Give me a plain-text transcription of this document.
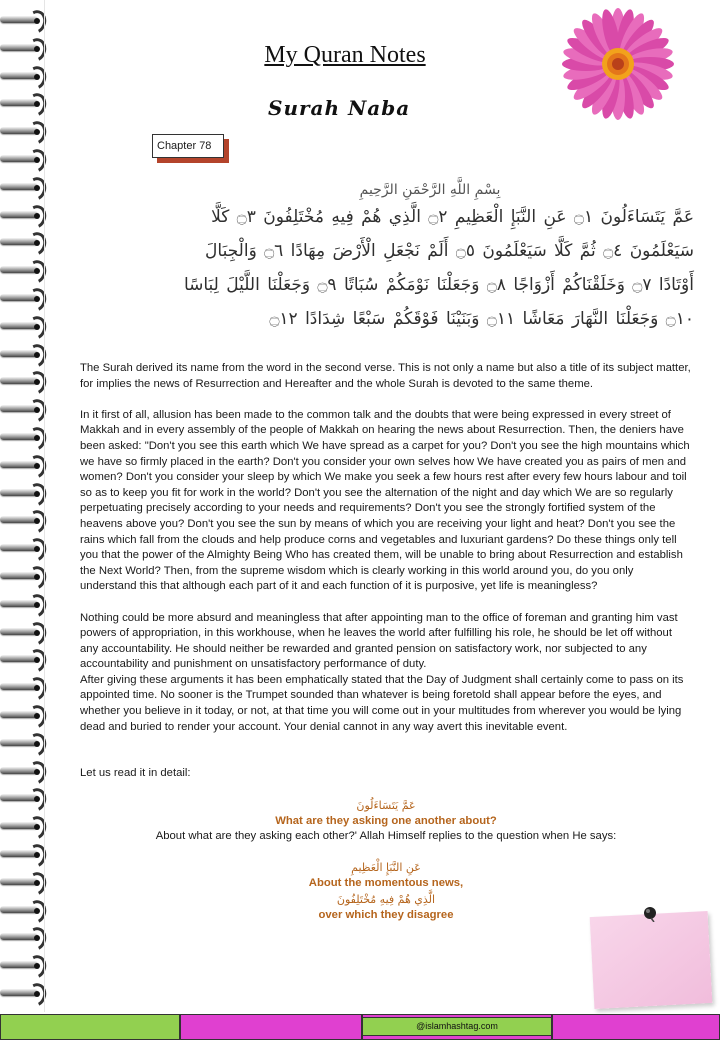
My Quran Notes
Surah Naba
Chapter 78
بِسْمِ اللَّهِ الرَّحْمَنِ الرَّحِيمِ
عَمَّ يَتَسَاءَلُونَ ۝١ عَنِ النَّبَإِ الْعَظِيمِ ۝٢ الَّذِي هُمْ فِيهِ مُخْتَلِفُونَ ۝٣ كَلَّا سَيَعْلَمُونَ ۝٤ ثُمَّ كَلَّا سَيَعْلَمُونَ ۝٥ أَلَمْ نَجْعَلِ الْأَرْضَ مِهَادًا ۝٦ وَالْجِبَالَ أَوْتَادًا ۝٧ وَخَلَقْنَاكُمْ أَزْوَاجًا ۝٨ وَجَعَلْنَا نَوْمَكُمْ سُبَاتًا ۝٩ وَجَعَلْنَا اللَّيْلَ لِبَاسًا ۝١٠ وَجَعَلْنَا النَّهَارَ مَعَاشًا ۝١١ وَبَنَيْنَا فَوْقَكُمْ سَبْعًا شِدَادًا ۝١٢

The Surah derived its name from the word in the second verse. This is not only a name but also a title of its subject matter, for implies the news of Resurrection and Hereafter and the whole Surah is devoted to the same theme.

In it first of all, allusion has been made to the common talk and the doubts that were being expressed in every street of Makkah and in every assembly of the people of Makkah on hearing the news about Resurrection. Then, the deniers have been asked: "Don't you see this earth which We have spread as a carpet for you? Don't you see the high mountains which we have so firmly placed in the earth? Don't you consider your own selves how We have created you as pairs of men and women? Don't you consider your sleep by which We make you seek a few hours rest after every few hours labour and toil so as to keep you fit for work in the world? Don't you see the alternation of the night and day which We are so regularly perpetuating precisely according to your needs and requirements? Don't you see the strongly fortified system of the heavens above you? Don't you see the sun by means of which you are receiving your light and heat? Don't you see the rains which fall from the clouds and help produce corns and vegetables and luxuriant gardens? Do these things only tell you that the power of the Almighty Being Who has created them, will be unable to bring about Resurrection and establish the Next World? Then, from the supreme wisdom which is clearly working in this world around you, do you only understand this that although each part of it and each function of it is purposive, yet life is meaningless?

Nothing could be more absurd and meaningless that after appointing man to the office of foreman and granting him vast powers of appropriation, in this workhouse, when he leaves the world after fulfilling his role, he should be let off without any accountability. He should neither be rewarded and granted pension on satisfactory work, nor subjected to any accountability and punishment on unsatisfactory performance of duty.

After giving these arguments it has been emphatically stated that the Day of Judgment shall certainly come to pass on its appointed time. No sooner is the Trumpet sounded than whatever is being foretold shall appear before the eyes, and whether you believe in it today, or not, at that time you will come out in your multitudes from wherever you would be lying dead and buried to render your account. Your denial cannot in any way avert this inevitable event.

Let us read it in detail:

عَمَّ يَتَسَاءَلُونَ
What are they asking one another about?
About what are they asking each other?' Allah Himself replies to the question when He says:
عَنِ النَّبَإِ الْعَظِيمِ
About the momentous news,
الَّذِي هُمْ فِيهِ مُخْتَلِفُونَ
over which they disagree
@islamhashtag.com
